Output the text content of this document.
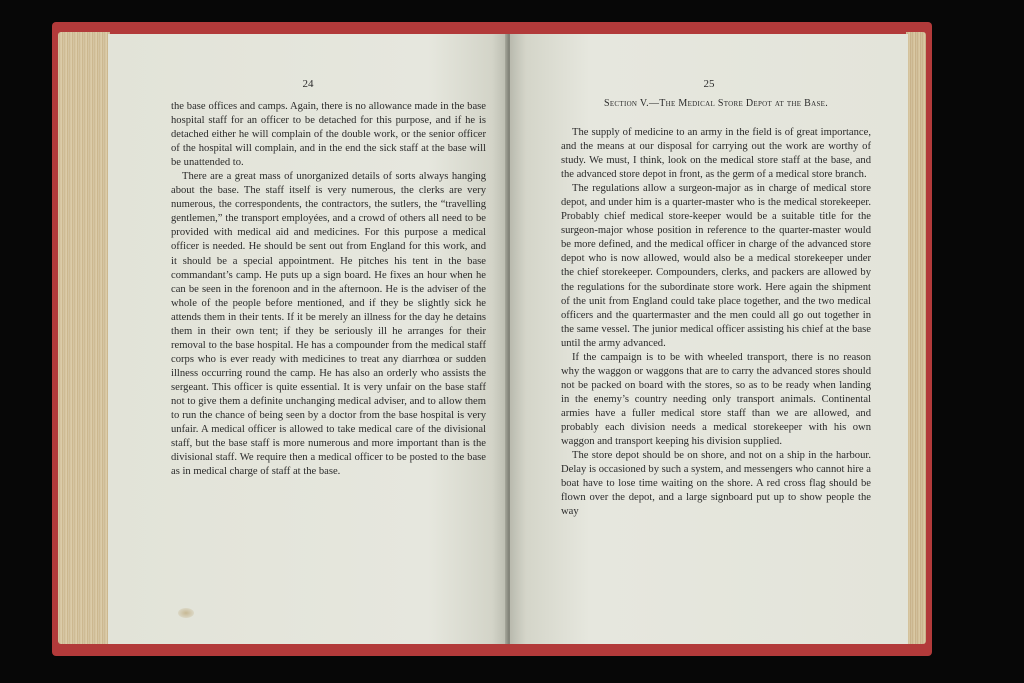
24

the base offices and camps. Again, there is no allowance made in the base hospital staff for an officer to be detached for this purpose, and if he is detached either he will complain of the double work, or the senior officer of the hospital will complain, and in the end the sick staff at the base will be unattended to.

There are a great mass of unorganized details of sorts always hanging about the base. The staff itself is very numerous, the clerks are very numerous, the correspondents, the contractors, the sutlers, the “travelling gentlemen,” the transport employées, and a crowd of others all need to be provided with medical aid and medicines. For this purpose a medical officer is needed. He should be sent out from England for this work, and it should be a special appointment. He pitches his tent in the base commandant’s camp. He puts up a sign board. He fixes an hour when he can be seen in the forenoon and in the afternoon. He is the adviser of the whole of the people before mentioned, and if they be slightly sick he attends them in their tents. If it be merely an illness for the day he detains them in their own tent; if they be seriously ill he arranges for their removal to the base hospital. He has a compounder from the medical staff corps who is ever ready with medicines to treat any diarrhœa or sudden illness occurring round the camp. He has also an orderly who assists the sergeant. This officer is quite essential. It is very unfair on the base staff not to give them a definite unchanging medical adviser, and to allow them to run the chance of being seen by a doctor from the base hospital is very unfair. A medical officer is allowed to take medical care of the divisional staff, but the base staff is more numerous and more important than is the divisional staff. We require then a medical officer to be posted to the base as in medical charge of staff at the base.

25
Section V.—The Medical Store Depot at the Base.

The supply of medicine to an army in the field is of great importance, and the means at our disposal for carrying out the work are worthy of study. We must, I think, look on the medical store staff at the base, and the advanced store depot in front, as the germ of a medical store branch.

The regulations allow a surgeon-major as in charge of medical store depot, and under him is a quarter-master who is the medical storekeeper. Probably chief medical store-keeper would be a suitable title for the surgeon-major whose position in reference to the quarter-master would be more defined, and the medical officer in charge of the advanced store depot who is now allowed, would also be a medical storekeeper under the chief storekeeper. Compounders, clerks, and packers are allowed by the regulations for the subordinate store work. Here again the shipment of the unit from England could take place together, and the two medical officers and the quartermaster and the men could all go out together in the same vessel. The junior medical officer assisting his chief at the base until the army advanced.

If the campaign is to be with wheeled transport, there is no reason why the waggon or waggons that are to carry the advanced stores should not be packed on board with the stores, so as to be ready when landing in the enemy’s country needing only transport animals. Continental armies have a fuller medical store staff than we are allowed, and probably each division needs a medical storekeeper with his own waggon and transport keeping his division supplied.

The store depot should be on shore, and not on a ship in the harbour. Delay is occasioned by such a system, and messengers who cannot hire a boat have to lose time waiting on the shore. A red cross flag should be flown over the depot, and a large signboard put up to show people the way
